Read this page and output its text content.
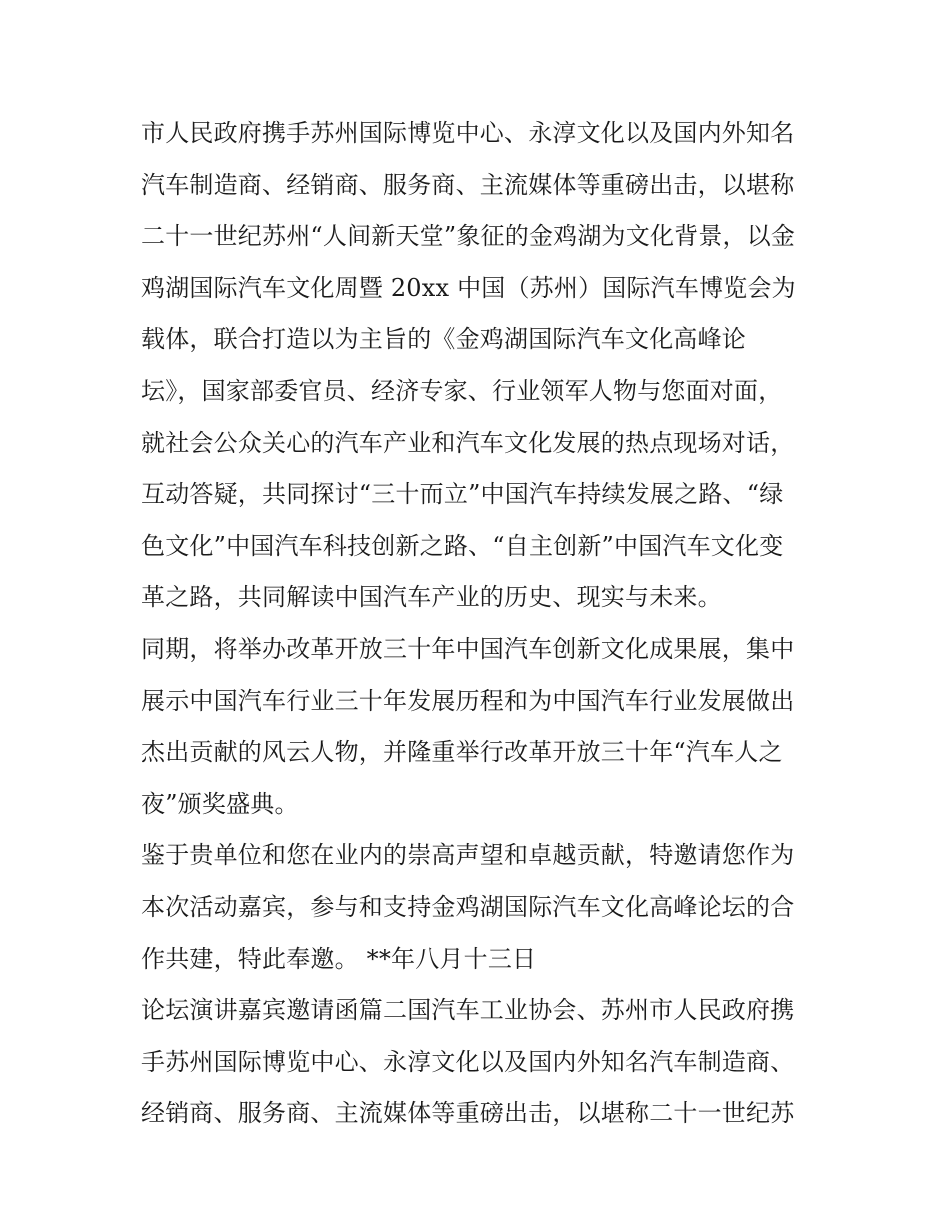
市人民政府携手苏州国际博览中心、永淳文化以及国内外知名
汽车制造商、经销商、服务商、主流媒体等重磅出击，以堪称
二十一世纪苏州“人间新天堂”象征的金鸡湖为文化背景，以金
鸡湖国际汽车文化周暨 20xx 中国（苏州）国际汽车博览会为
载体，联合打造以为主旨的《金鸡湖国际汽车文化高峰论
坛》，国家部委官员、经济专家、行业领军人物与您面对面，
就社会公众关心的汽车产业和汽车文化发展的热点现场对话，
互动答疑，共同探讨“三十而立”中国汽车持续发展之路、“绿
色文化”中国汽车科技创新之路、“自主创新”中国汽车文化变
革之路，共同解读中国汽车产业的历史、现实与未来。
同期，将举办改革开放三十年中国汽车创新文化成果展，集中
展示中国汽车行业三十年发展历程和为中国汽车行业发展做出
杰出贡献的风云人物，并隆重举行改革开放三十年“汽车人之
夜”颁奖盛典。
鉴于贵单位和您在业内的崇高声望和卓越贡献，特邀请您作为
本次活动嘉宾，参与和支持金鸡湖国际汽车文化高峰论坛的合
作共建，特此奉邀。 **年八月十三日
论坛演讲嘉宾邀请函篇二国汽车工业协会、苏州市人民政府携
手苏州国际博览中心、永淳文化以及国内外知名汽车制造商、
经销商、服务商、主流媒体等重磅出击，以堪称二十一世纪苏
